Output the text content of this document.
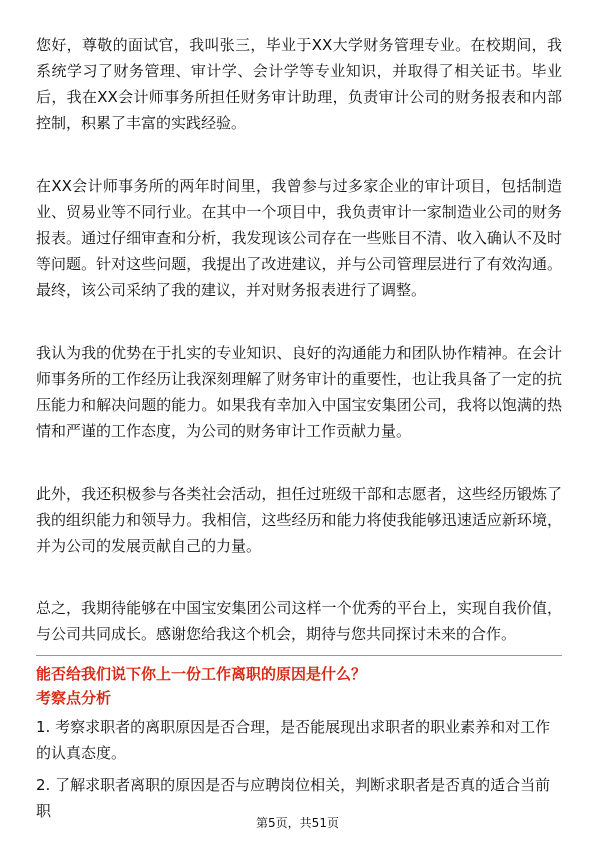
您好，尊敬的面试官，我叫张三，毕业于XX大学财务管理专业。在校期间，我系统学习了财务管理、审计学、会计学等专业知识，并取得了相关证书。毕业后，我在XX会计师事务所担任财务审计助理，负责审计公司的财务报表和内部控制，积累了丰富的实践经验。

在XX会计师事务所的两年时间里，我曾参与过多家企业的审计项目，包括制造业、贸易业等不同行业。在其中一个项目中，我负责审计一家制造业公司的财务报表。通过仔细审查和分析，我发现该公司存在一些账目不清、收入确认不及时等问题。针对这些问题，我提出了改进建议，并与公司管理层进行了有效沟通。最终，该公司采纳了我的建议，并对财务报表进行了调整。

我认为我的优势在于扎实的专业知识、良好的沟通能力和团队协作精神。在会计师事务所的工作经历让我深刻理解了财务审计的重要性，也让我具备了一定的抗压能力和解决问题的能力。如果我有幸加入中国宝安集团公司，我将以饱满的热情和严谨的工作态度，为公司的财务审计工作贡献力量。

此外，我还积极参与各类社会活动，担任过班级干部和志愿者，这些经历锻炼了我的组织能力和领导力。我相信，这些经历和能力将使我能够迅速适应新环境，并为公司的发展贡献自己的力量。

总之，我期待能够在中国宝安集团公司这样一个优秀的平台上，实现自我价值，与公司共同成长。感谢您给我这个机会，期待与您共同探讨未来的合作。

能否给我们说下你上一份工作离职的原因是什么？

考察点分析

1. 考察求职者的离职原因是否合理，是否能展现出求职者的职业素养和对工作的认真态度。
2. 了解求职者离职的原因是否与应聘岗位相关，判断求职者是否真的适合当前职
第5页，共51页
